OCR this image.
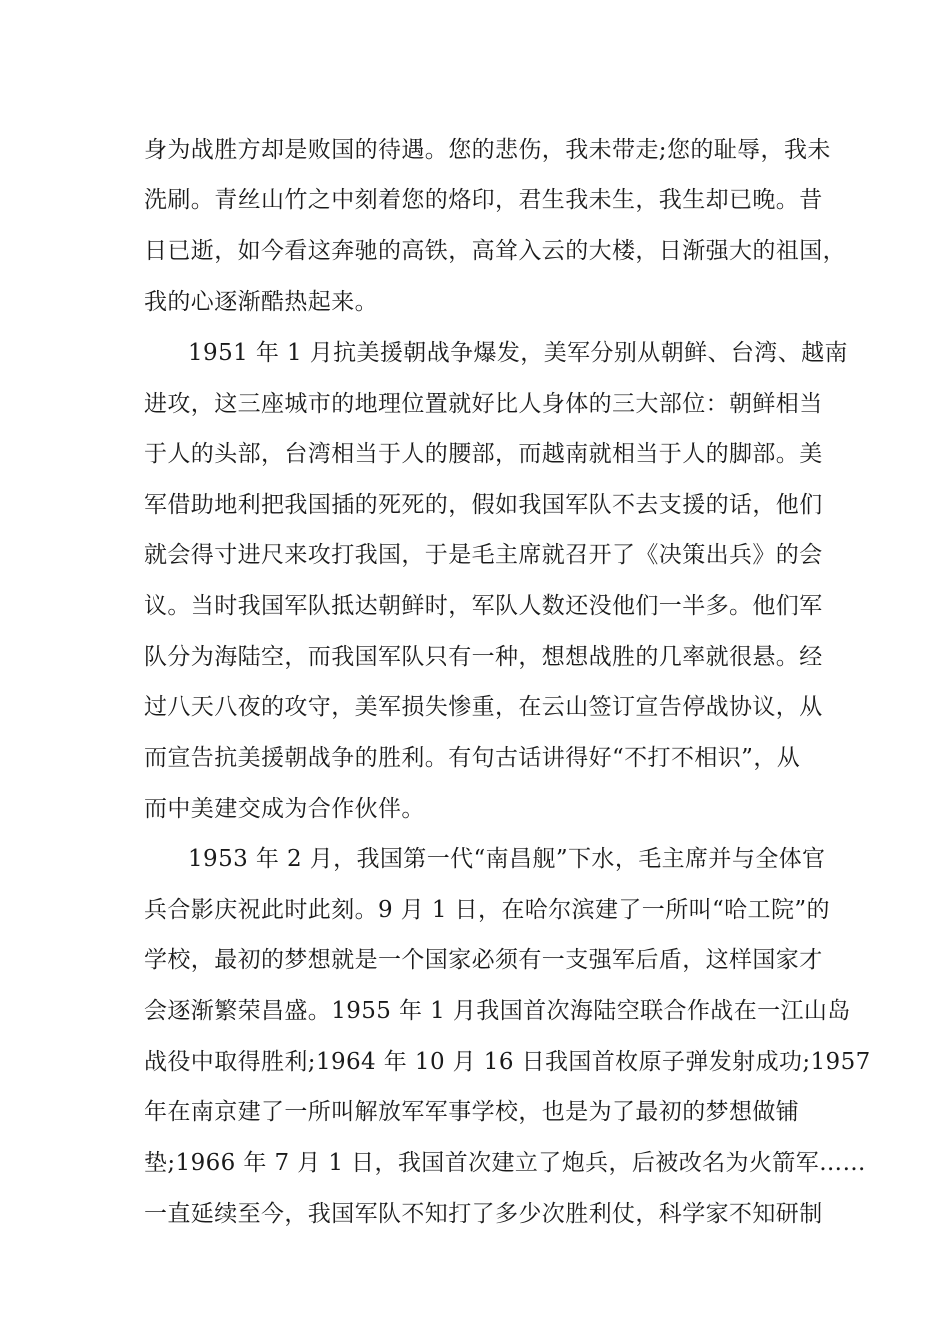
身为战胜方却是败国的待遇。您的悲伤，我未带走;您的耻辱，我未
洗刷。青丝山竹之中刻着您的烙印，君生我未生，我生却已晚。昔
日已逝，如今看这奔驰的高铁，高耸入云的大楼，日渐强大的祖国，
我的心逐渐酷热起来。
1951 年 1 月抗美援朝战争爆发，美军分别从朝鲜、台湾、越南
进攻，这三座城市的地理位置就好比人身体的三大部位：朝鲜相当
于人的头部，台湾相当于人的腰部，而越南就相当于人的脚部。美
军借助地利把我国插的死死的，假如我国军队不去支援的话，他们
就会得寸进尺来攻打我国，于是毛主席就召开了《决策出兵》的会
议。当时我国军队抵达朝鲜时，军队人数还没他们一半多。他们军
队分为海陆空，而我国军队只有一种，想想战胜的几率就很悬。经
过八天八夜的攻守，美军损失惨重，在云山签订宣告停战协议，从
而宣告抗美援朝战争的胜利。有句古话讲得好“不打不相识”，从
而中美建交成为合作伙伴。
1953 年 2 月，我国第一代“南昌舰”下水，毛主席并与全体官
兵合影庆祝此时此刻。9 月 1 日，在哈尔滨建了一所叫“哈工院”的
学校，最初的梦想就是一个国家必须有一支强军后盾，这样国家才
会逐渐繁荣昌盛。1955 年 1 月我国首次海陆空联合作战在一江山岛
战役中取得胜利;1964 年 10 月 16 日我国首枚原子弹发射成功;1957
年在南京建了一所叫解放军军事学校，也是为了最初的梦想做铺
垫;1966 年 7 月 1 日，我国首次建立了炮兵，后被改名为火箭军……
一直延续至今，我国军队不知打了多少次胜利仗，科学家不知研制
